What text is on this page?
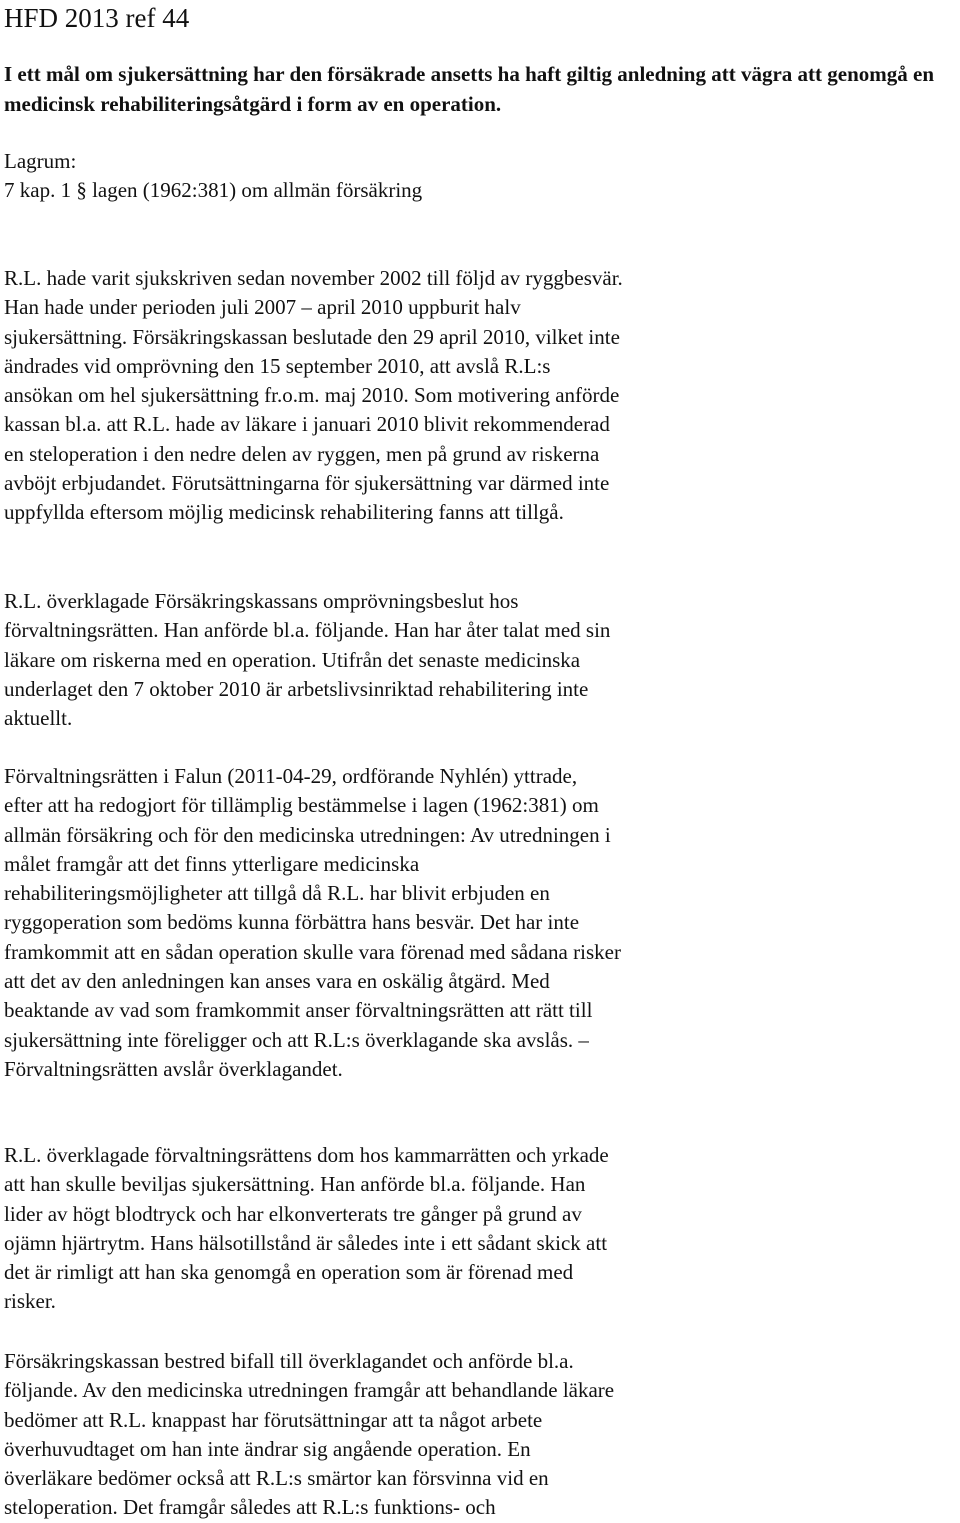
HFD 2013 ref 44
I ett mål om sjukersättning har den försäkrade ansetts ha haft giltig anledning att vägra att genomgå en medicinsk rehabiliteringsåtgärd i form av en operation.
Lagrum:
7 kap. 1 § lagen (1962:381) om allmän försäkring
R.L. hade varit sjukskriven sedan november 2002 till följd av ryggbesvär.
Han hade under perioden juli 2007 – april 2010 uppburit halv
sjukersättning. Försäkringskassan beslutade den 29 april 2010, vilket inte
ändrades vid omprövning den 15 september 2010, att avslå R.L:s
ansökan om hel sjukersättning fr.o.m. maj 2010. Som motivering anförde
kassan bl.a. att R.L. hade av läkare i januari 2010 blivit rekommenderad
en steloperation i den nedre delen av ryggen, men på grund av riskerna
avböjt erbjudandet. Förutsättningarna för sjukersättning var därmed inte
uppfyllda eftersom möjlig medicinsk rehabilitering fanns att tillgå.
R.L. överklagade Försäkringskassans omprövningsbeslut hos
förvaltningsrätten. Han anförde bl.a. följande. Han har åter talat med sin
läkare om riskerna med en operation. Utifrån det senaste medicinska
underlaget den 7 oktober 2010 är arbetslivsinriktad rehabilitering inte
aktuellt.
Förvaltningsrätten i Falun (2011-04-29, ordförande Nyhlén) yttrade,
efter att ha redogjort för tillämplig bestämmelse i lagen (1962:381) om
allmän försäkring och för den medicinska utredningen: Av utredningen i
målet framgår att det finns ytterligare medicinska
rehabiliteringsmöjligheter att tillgå då R.L. har blivit erbjuden en
ryggoperation som bedöms kunna förbättra hans besvär. Det har inte
framkommit att en sådan operation skulle vara förenad med sådana risker
att det av den anledningen kan anses vara en oskälig åtgärd. Med
beaktande av vad som framkommit anser förvaltningsrätten att rätt till
sjukersättning inte föreligger och att R.L:s överklagande ska avslås. –
Förvaltningsrätten avslår överklagandet.
R.L. överklagade förvaltningsrättens dom hos kammarrätten och yrkade
att han skulle beviljas sjukersättning. Han anförde bl.a. följande. Han
lider av högt blodtryck och har elkonverterats tre gånger på grund av
ojämn hjärtrytm. Hans hälsotillstånd är således inte i ett sådant skick att
det är rimligt att han ska genomgå en operation som är förenad med
risker.
Försäkringskassan bestred bifall till överklagandet och anförde bl.a.
följande. Av den medicinska utredningen framgår att behandlande läkare
bedömer att R.L. knappast har förutsättningar att ta något arbete
överhuvudtaget om han inte ändrar sig angående operation. En
överläkare bedömer också att R.L:s smärtor kan försvinna vid en
steloperation. Det framgår således att R.L:s funktions- och
